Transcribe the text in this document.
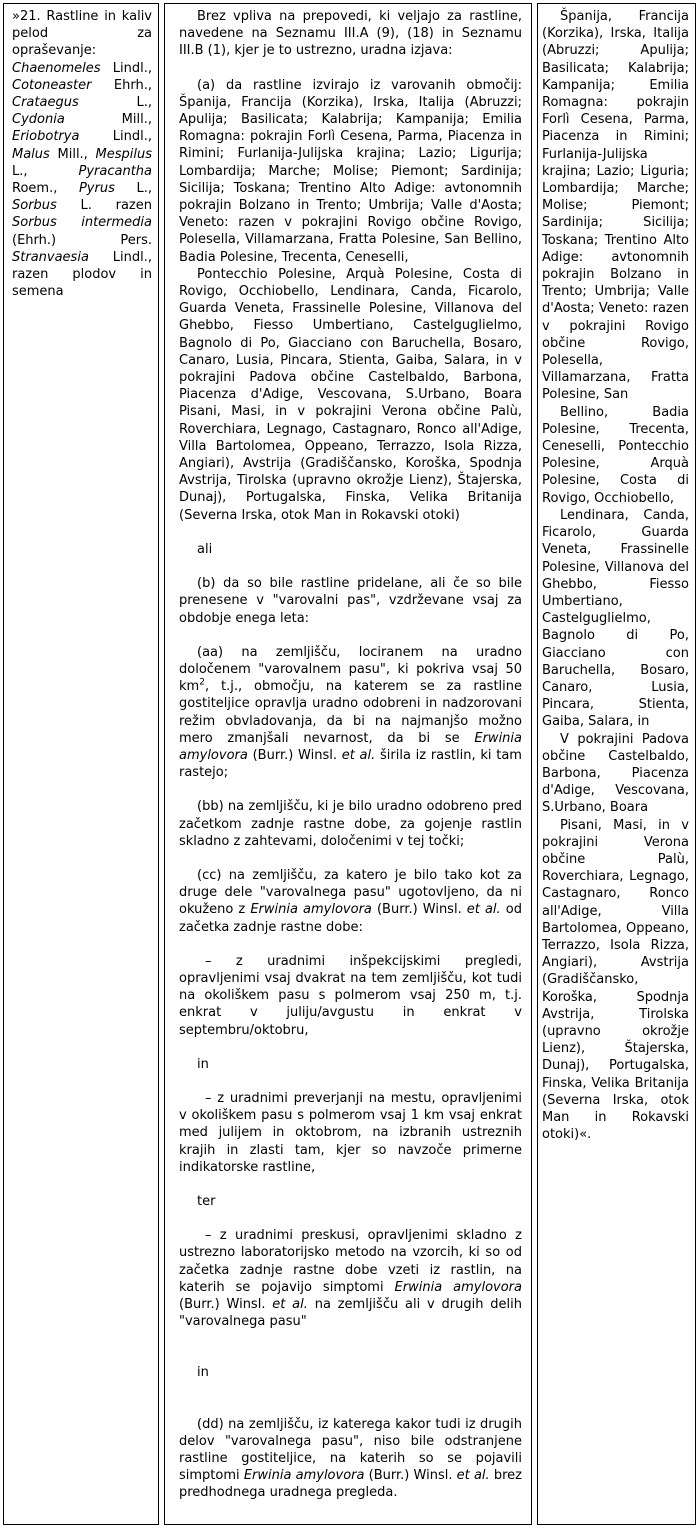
»21. Rastline in kaliv pelod za opraševanje: Chaenomeles Lindl., Cotoneaster Ehrh., Crataegus L., Cydonia Mill., Eriobotrya Lindl., Malus Mill., Mespilus L., Pyracantha Roem., Pyrus L., Sorbus L. razen Sorbus intermedia (Ehrh.) Pers. Stranvaesia Lindl., razen plodov in semena

Brez vpliva na prepovedi, ki veljajo za rastline, navedene na Seznamu III.A (9), (18) in Seznamu III.B (1), kjer je to ustrezno, uradna izjava:

(a) da rastline izvirajo iz varovanih območij: Španija, Francija (Korzika), Irska, Italija (Abruzzi; Apulija; Basilicata; Kalabrija; Kampanija; Emilia Romagna: pokrajin Forlì Cesena, Parma, Piacenza in Rimini; Furlanija-Julijska krajina; Lazio; Ligurija; Lombardija; Marche; Molise; Piemont; Sardinija; Sicilija; Toskana; Trentino Alto Adige: avtonomnih pokrajin Bolzano in Trento; Umbrija; Valle d'Aosta; Veneto: razen v pokrajini Rovigo občine Rovigo, Polesella, Villamarzana, Fratta Polesine, San Bellino, Badia Polesine, Trecenta, Ceneselli,

Pontecchio Polesine, Arquà Polesine, Costa di Rovigo, Occhiobello, Lendinara, Canda, Ficarolo, Guarda Veneta, Frassinelle Polesine, Villanova del Ghebbo, Fiesso Umbertiano, Castelguglielmo, Bagnolo di Po, Giacciano con Baruchella, Bosaro, Canaro, Lusia, Pincara, Stienta, Gaiba, Salara, in v pokrajini Padova občine Castelbaldo, Barbona, Piacenza d'Adige, Vescovana, S.Urbano, Boara Pisani, Masi, in v pokrajini Verona občine Palù, Roverchiara, Legnago, Castagnaro, Ronco all'Adige, Villa Bartolomea, Oppeano, Terrazzo, Isola Rizza, Angiari), Avstrija (Gradiščansko, Koroška, Spodnja Avstrija, Tirolska (upravno okrožje Lienz), Štajerska, Dunaj), Portugalska, Finska, Velika Britanija (Severna Irska, otok Man in Rokavski otoki)

ali

(b) da so bile rastline pridelane, ali če so bile prenesene v "varovalni pas", vzdrževane vsaj za obdobje enega leta:

(aa) na zemljišču, lociranem na uradno določenem "varovalnem pasu", ki pokriva vsaj 50 $km^2$, t.j., območju, na katerem se za rastline gostiteljice opravlja uradno odobreni in nadzorovani režim obvladovanja, da bi na najmanjšo možno mero zmanjšali nevarnost, da bi se Erwinia amylovora (Burr.) Winsl. et al. širila iz rastlin, ki tam rastejo;

(bb) na zemljišču, ki je bilo uradno odobreno pred začetkom zadnje rastne dobe, za gojenje rastlin skladno z zahtevami, določenimi v tej točki;

(cc) na zemljišču, za katero je bilo tako kot za druge dele "varovalnega pasu" ugotovljeno, da ni okuženo z Erwinia amylovora (Burr.) Winsl. et al. od začetka zadnje rastne dobe:

– z uradnimi inšpekcijskimi pregledi, opravljenimi vsaj dvakrat na tem zemljišču, kot tudi na okoliškem pasu s polmerom vsaj 250 m, t.j. enkrat v juliju/avgustu in enkrat v septembru/oktobru,

in

– z uradnimi preverjanji na mestu, opravljenimi v okoliškem pasu s polmerom vsaj 1 km vsaj enkrat med julijem in oktobrom, na izbranih ustreznih krajih in zlasti tam, kjer so navzoče primerne indikatorske rastline,

ter

– z uradnimi preskusi, opravljenimi skladno z ustrezno laboratorijsko metodo na vzorcih, ki so od začetka zadnje rastne dobe vzeti iz rastlin, na katerih se pojavijo simptomi Erwinia amylovora (Burr.) Winsl. et al. na zemljišču ali v drugih delih "varovalnega pasu"

in

(dd) na zemljišču, iz katerega kakor tudi iz drugih delov "varovalnega pasu", niso bile odstranjene rastline gostiteljice, na katerih so se pojavili simptomi Erwinia amylovora (Burr.) Winsl. et al. brez predhodnega uradnega pregleda.

Španija, Francija (Korzika), Irska, Italija (Abruzzi; Apulija; Basilicata; Kalabrija; Kampanija; Emilia Romagna: pokrajin Forlì Cesena, Parma, Piacenza in Rimini; Furlanija-Julijska krajina; Lazio; Liguria; Lombardija; Marche; Molise; Piemont; Sardinija; Sicilija; Toskana; Trentino Alto Adige: avtonomnih pokrajin Bolzano in Trento; Umbrija; Valle d'Aosta; Veneto: razen v pokrajini Rovigo občine Rovigo, Polesella, Villamarzana, Fratta Polesine, San

Bellino, Badia Polesine, Trecenta, Ceneselli, Pontecchio Polesine, Arquà Polesine, Costa di Rovigo, Occhiobello,

Lendinara, Canda, Ficarolo, Guarda Veneta, Frassinelle Polesine, Villanova del Ghebbo, Fiesso Umbertiano, Castelguglielmo, Bagnolo di Po, Giacciano con Baruchella, Bosaro, Canaro, Lusia, Pincara, Stienta, Gaiba, Salara, in

V pokrajini Padova občine Castelbaldo, Barbona, Piacenza d'Adige, Vescovana, S.Urbano, Boara

Pisani, Masi, in v pokrajini Verona občine Palù, Roverchiara, Legnago, Castagnaro, Ronco all'Adige, Villa Bartolomea, Oppeano, Terrazzo, Isola Rizza, Angiari), Avstrija (Gradiščansko, Koroška, Spodnja Avstrija, Tirolska (upravno okrožje Lienz), Štajerska, Dunaj), Portugalska, Finska, Velika Britanija (Severna Irska, otok Man in Rokavski otoki)«.
